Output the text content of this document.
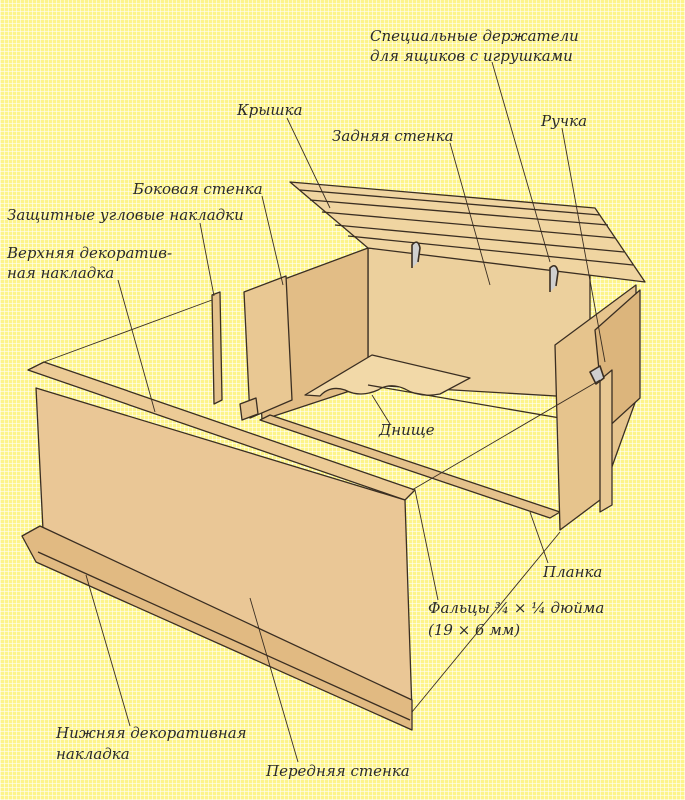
Специальные держатели
для ящиков с игрушками
Крышка
Задняя стенка
Ручка
Боковая стенка
Защитные угловые накладки
Верхняя декоратив-
ная накладка
Днище
Планка
Фальцы ¾ × ¼ дюйма
(19 × 6 мм)
Нижняя декоративная
накладка
Передняя стенка
